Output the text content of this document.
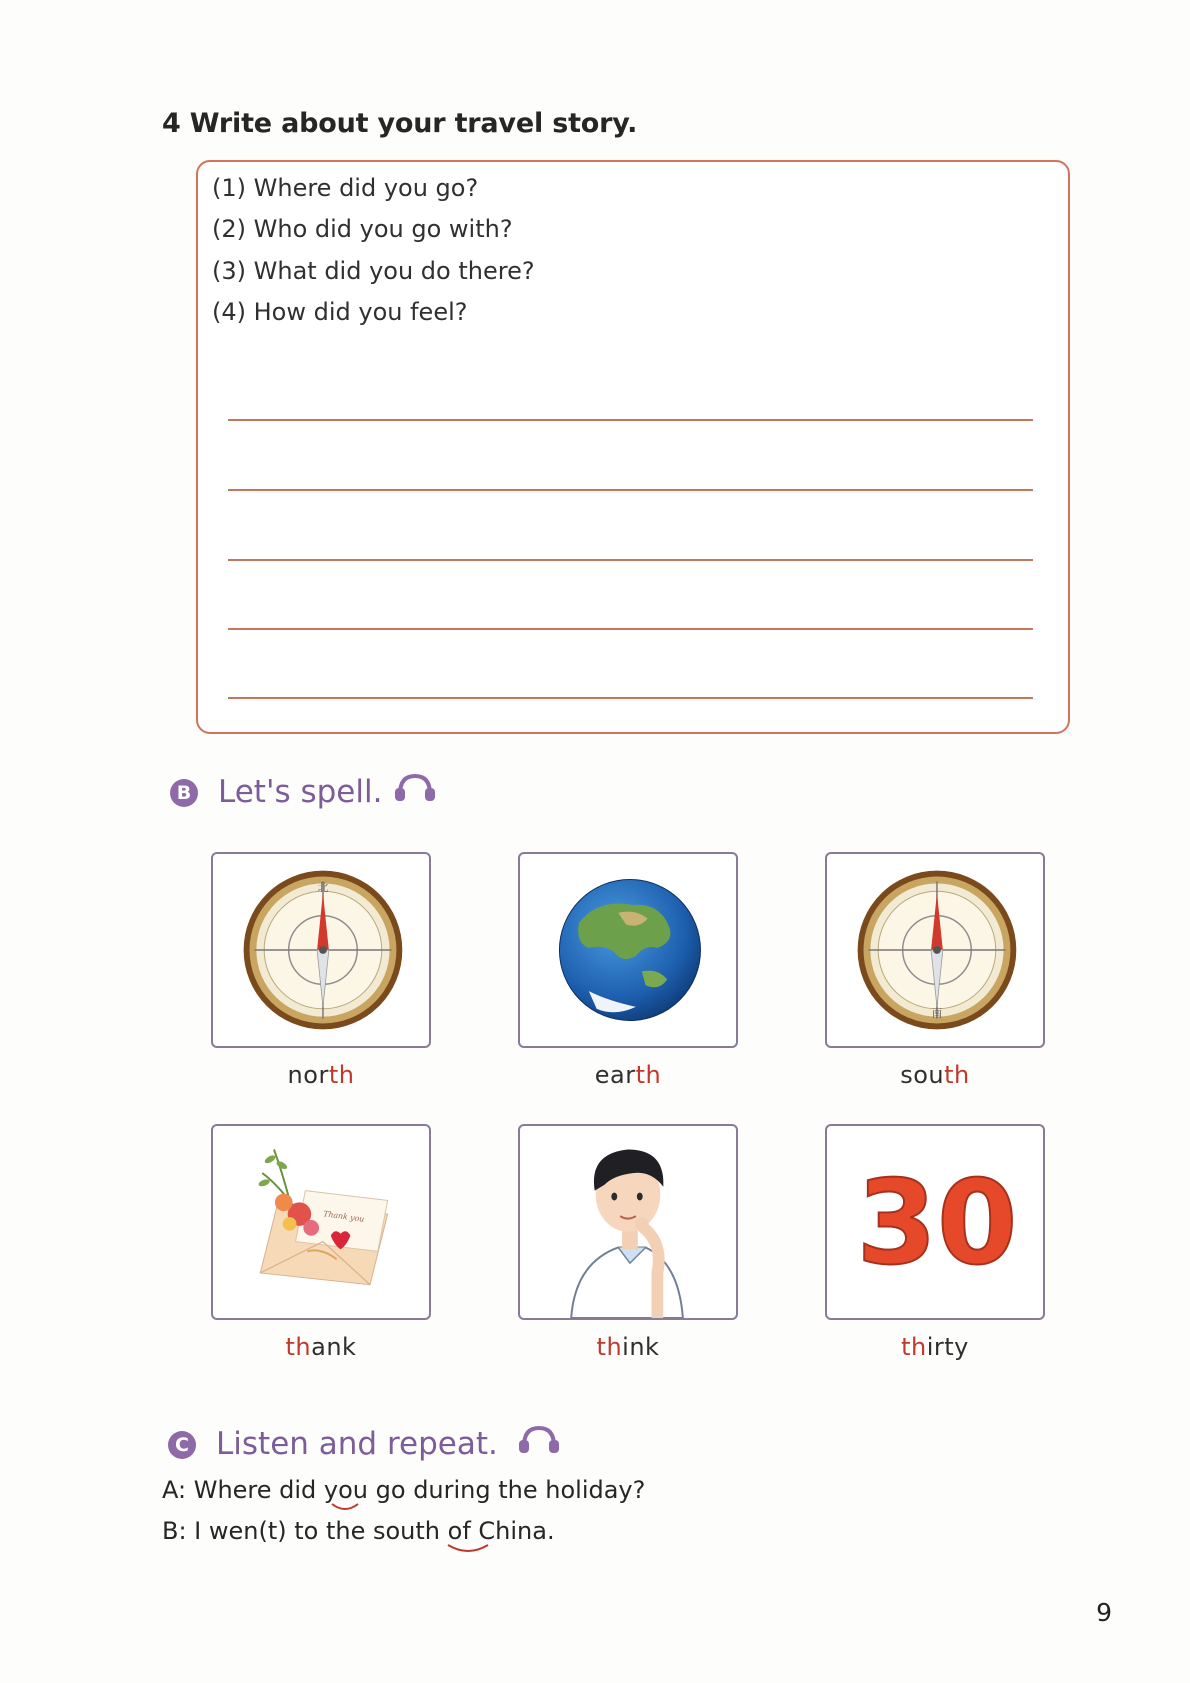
4 Write about your travel story.
(1) Where did you go?
(2) Who did you go with?
(3) What did you do there?
(4) How did you feel?
B Let's spell.
北
north	earth
南
south
Thank you
thank	think
30
thirty
C Listen and repeat.
A: Where did you go during the holiday?
B: I wen(t) to the south of China.
9
